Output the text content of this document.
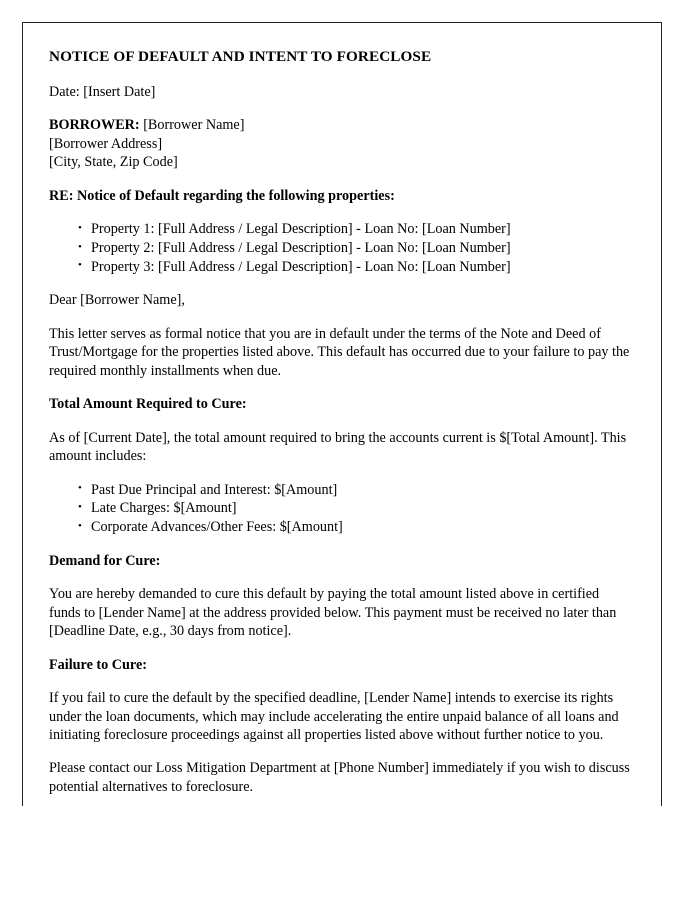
NOTICE OF DEFAULT AND INTENT TO FORECLOSE
Date: [Insert Date]
BORROWER: [Borrower Name]
[Borrower Address]
[City, State, Zip Code]
RE: Notice of Default regarding the following properties:
• Property 1: [Full Address / Legal Description] - Loan No: [Loan Number]
• Property 2: [Full Address / Legal Description] - Loan No: [Loan Number]
• Property 3: [Full Address / Legal Description] - Loan No: [Loan Number]
Dear [Borrower Name],
This letter serves as formal notice that you are in default under the terms of the Note and Deed of Trust/Mortgage for the properties listed above. This default has occurred due to your failure to pay the required monthly installments when due.
Total Amount Required to Cure:
As of [Current Date], the total amount required to bring the accounts current is $[Total Amount]. This amount includes:
• Past Due Principal and Interest: $[Amount]
• Late Charges: $[Amount]
• Corporate Advances/Other Fees: $[Amount]
Demand for Cure:
You are hereby demanded to cure this default by paying the total amount listed above in certified funds to [Lender Name] at the address provided below. This payment must be received no later than [Deadline Date, e.g., 30 days from notice].
Failure to Cure:
If you fail to cure the default by the specified deadline, [Lender Name] intends to exercise its rights under the loan documents, which may include accelerating the entire unpaid balance of all loans and initiating foreclosure proceedings against all properties listed above without further notice to you.
Please contact our Loss Mitigation Department at [Phone Number] immediately if you wish to discuss potential alternatives to foreclosure.
